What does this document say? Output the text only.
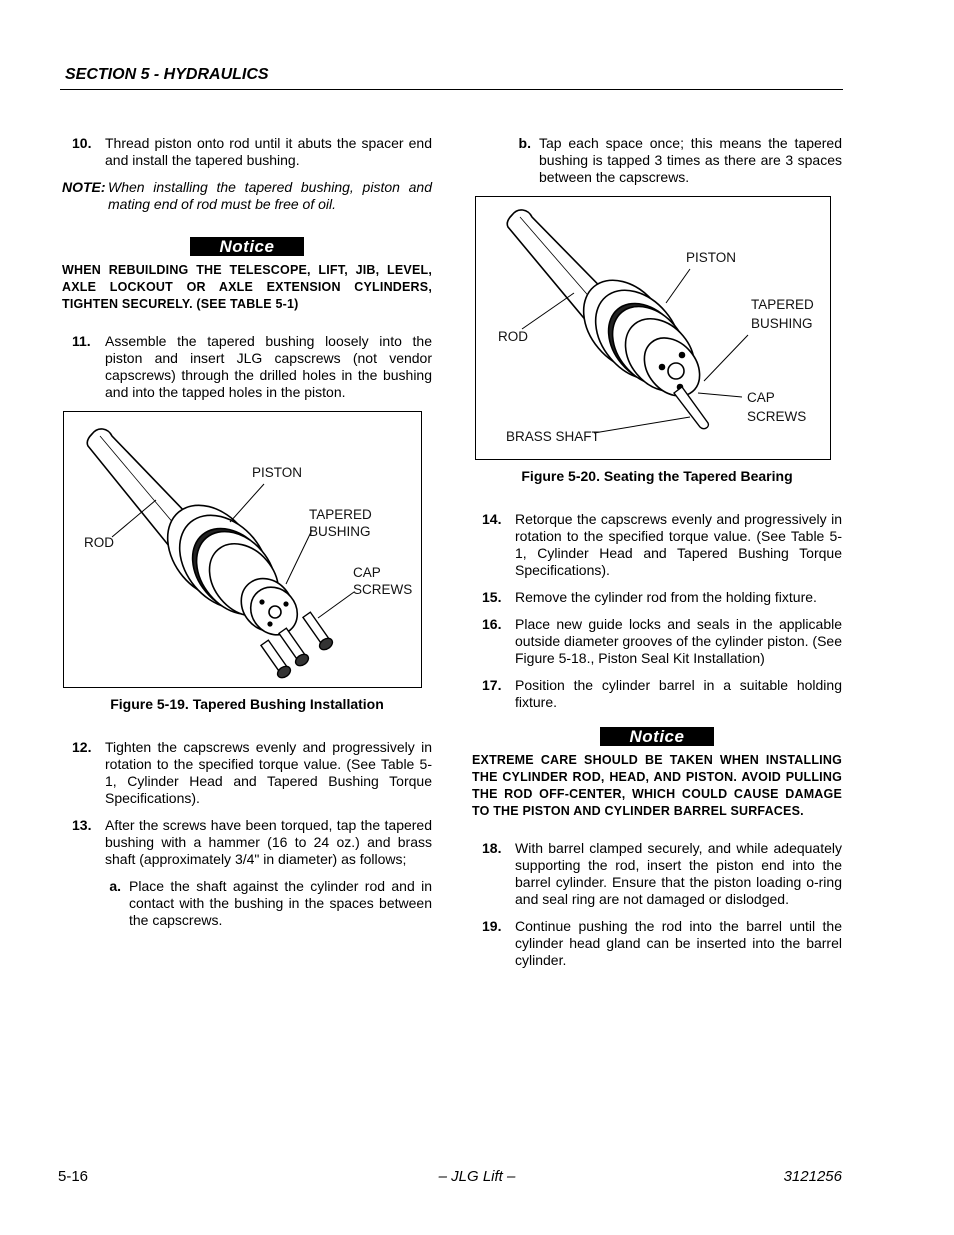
SECTION 5 - HYDRAULICS
10. Thread piston onto rod until it abuts the spacer end and install the tapered bushing.
NOTE: When installing the tapered bushing, piston and mating end of rod must be free of oil.
Notice
WHEN REBUILDING THE TELESCOPE, LIFT, JIB, LEVEL, AXLE LOCKOUT OR AXLE EXTENSION CYLINDERS, TIGHTEN SECURELY. (SEE TABLE 5-1)
11.	Assemble the tapered bushing loosely into the piston and insert JLG capscrews (not vendor capscrews) through the drilled holes in the bushing and into the tapped holes in the piston.
PISTON
TAPERED
BUSHING
ROD
CAP
SCREWS
Figure 5-19. Tapered Bushing Installation
12. Tighten the capscrews evenly and progressively in rotation to the specified torque value. (See Table 5-1, Cylinder Head and Tapered Bushing Torque Specifications).
13. After the screws have been torqued, tap the tapered bushing with a hammer (16 to 24 oz.) and brass shaft (approximately 3/4" in diameter) as follows;
a. Place the shaft against the cylinder rod and in contact with the bushing in the spaces between the capscrews.
b. Tap each space once; this means the tapered bushing is tapped 3 times as there are 3 spaces between the capscrews.
PISTON
TAPERED
BUSHING
ROD
CAP
SCREWS
BRASS SHAFT
Figure 5-20. Seating the Tapered Bearing
14. Retorque the capscrews evenly and progressively in rotation to the specified torque value. (See Table 5-1, Cylinder Head and Tapered Bushing Torque Specifications).
15. Remove the cylinder rod from the holding fixture.
16. Place new guide locks and seals in the applicable outside diameter grooves of the cylinder piston. (See Figure 5-18., Piston Seal Kit Installation)
17. Position the cylinder barrel in a suitable holding fixture.
Notice
EXTREME CARE SHOULD BE TAKEN WHEN INSTALLING THE CYLINDER ROD, HEAD, AND PISTON. AVOID PULLING THE ROD OFF-CENTER, WHICH COULD CAUSE DAMAGE TO THE PISTON AND CYLINDER BARREL SURFACES.
18. With barrel clamped securely, and while adequately supporting the rod, insert the piston end into the barrel cylinder. Ensure that the piston loading o-ring and seal ring are not damaged or dislodged.
19. Continue pushing the rod into the barrel until the cylinder head gland can be inserted into the barrel cylinder.
5-16	– JLG Lift –	3121256
